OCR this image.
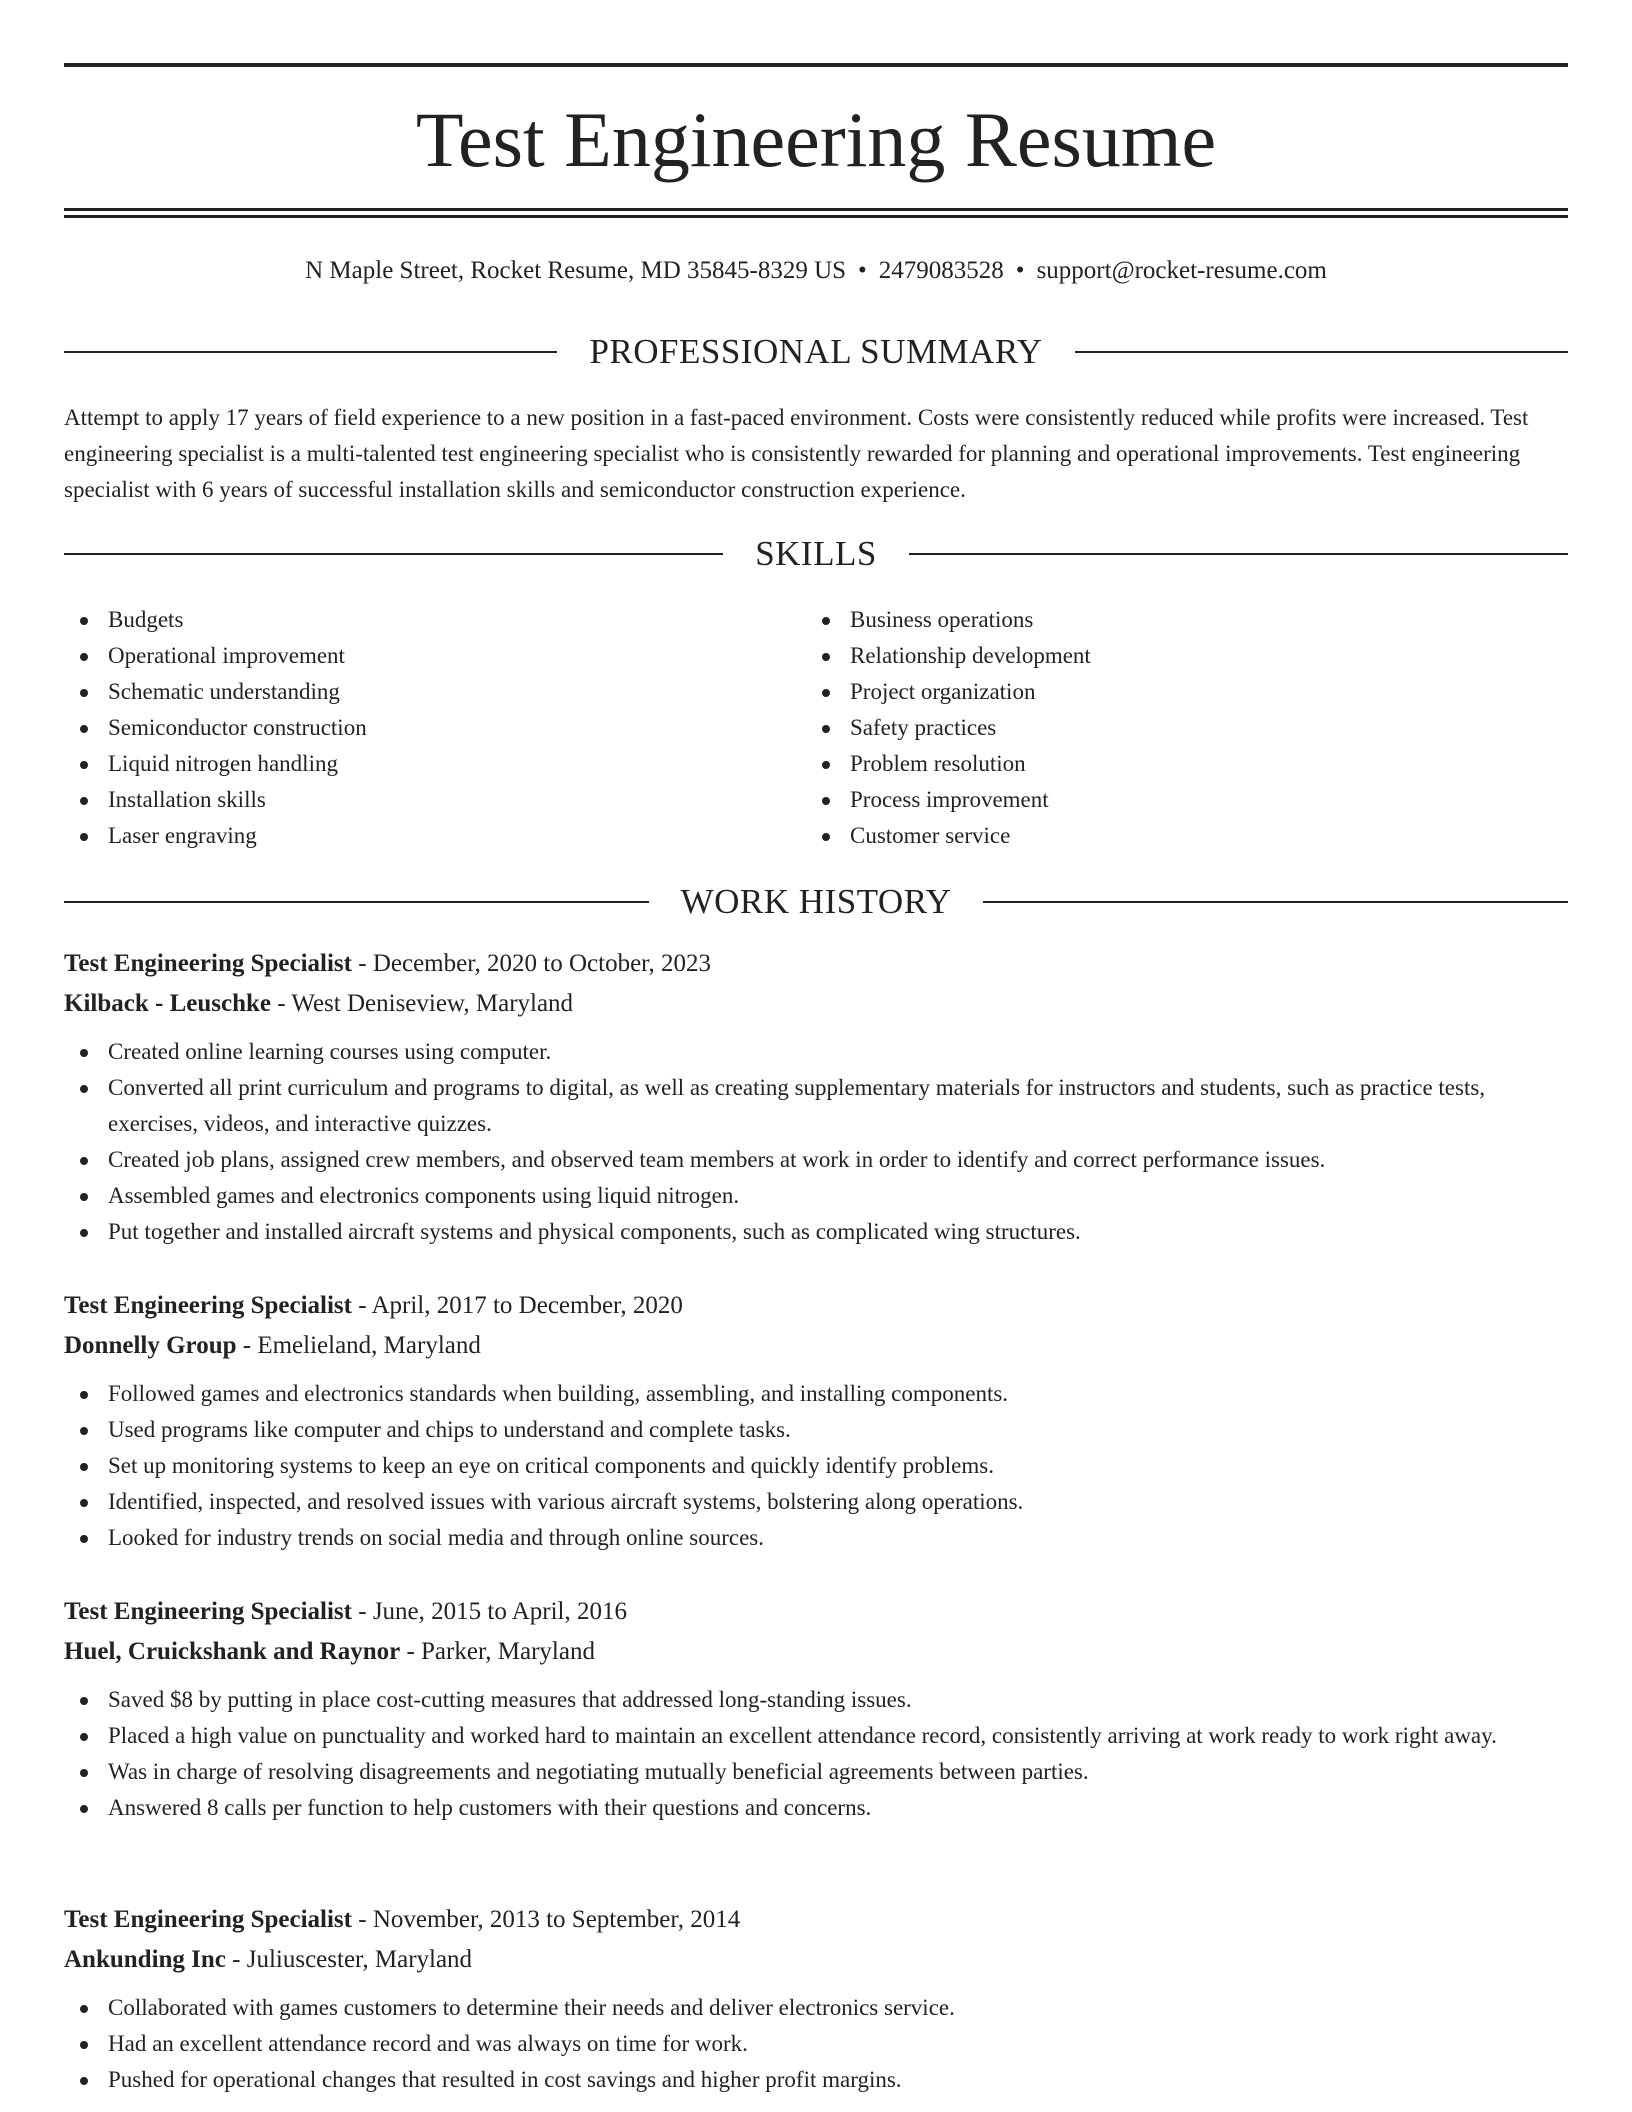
Test Engineering Resume
N Maple Street, Rocket Resume, MD 35845-8329 US • 2479083528 • support@rocket-resume.com
PROFESSIONAL SUMMARY

Attempt to apply 17 years of field experience to a new position in a fast-paced environment. Costs were consistently reduced while profits were increased. Test engineering specialist is a multi-talented test engineering specialist who is consistently rewarded for planning and operational improvements. Test engineering specialist with 6 years of successful installation skills and semiconductor construction experience.

SKILLS
Budgets
Operational improvement
Schematic understanding
Semiconductor construction
Liquid nitrogen handling
Installation skills
Laser engraving
Business operations
Relationship development
Project organization
Safety practices
Problem resolution
Process improvement
Customer service
WORK HISTORY
Test Engineering Specialist - December, 2020 to October, 2023
Kilback - Leuschke - West Deniseview, Maryland
Created online learning courses using computer.
Converted all print curriculum and programs to digital, as well as creating supplementary materials for instructors and students, such as practice tests, exercises, videos, and interactive quizzes.
Created job plans, assigned crew members, and observed team members at work in order to identify and correct performance issues.
Assembled games and electronics components using liquid nitrogen.
Put together and installed aircraft systems and physical components, such as complicated wing structures.
Test Engineering Specialist - April, 2017 to December, 2020
Donnelly Group - Emelieland, Maryland
Followed games and electronics standards when building, assembling, and installing components.
Used programs like computer and chips to understand and complete tasks.
Set up monitoring systems to keep an eye on critical components and quickly identify problems.
Identified, inspected, and resolved issues with various aircraft systems, bolstering along operations.
Looked for industry trends on social media and through online sources.
Test Engineering Specialist - June, 2015 to April, 2016
Huel, Cruickshank and Raynor - Parker, Maryland
Saved $8 by putting in place cost-cutting measures that addressed long-standing issues.
Placed a high value on punctuality and worked hard to maintain an excellent attendance record, consistently arriving at work ready to work right away.
Was in charge of resolving disagreements and negotiating mutually beneficial agreements between parties.
Answered 8 calls per function to help customers with their questions and concerns.
Test Engineering Specialist - November, 2013 to September, 2014
Ankunding Inc - Juliuscester, Maryland
Collaborated with games customers to determine their needs and deliver electronics service.
Had an excellent attendance record and was always on time for work.
Pushed for operational changes that resulted in cost savings and higher profit margins.
